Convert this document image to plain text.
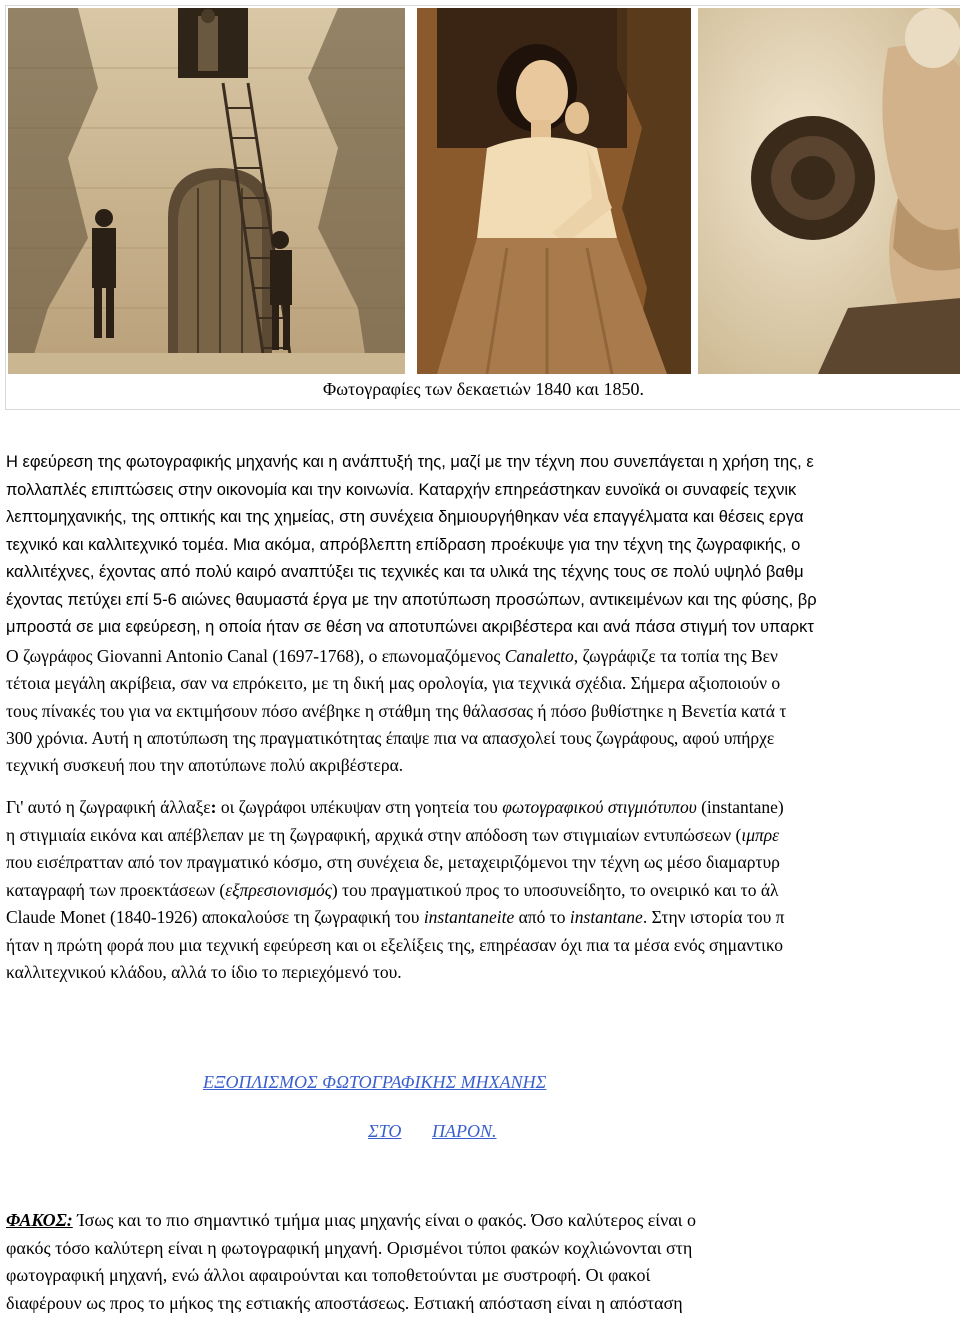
Φωτογραφίες των δεκαετιών 1840 και 1850.

Η εφεύρεση της φωτογραφικής μηχανής και η ανάπτυξή της, μαζί με την τέχνη που συνεπάγεται η χρήση της, ε
πολλαπλές επιπτώσεις στην οικονομία και την κοινωνία. Καταρχήν επηρεάστηκαν ευνοϊκά οι συναφείς τεχνικ
λεπτομηχανικής, της οπτικής και της χημείας, στη συνέχεια δημιουργήθηκαν νέα επαγγέλματα και θέσεις εργα
τεχνικό και καλλιτεχνικό τομέα. Μια ακόμα, απρόβλεπτη επίδραση προέκυψε για την τέχνη της ζωγραφικής, ο
καλλιτέχνες, έχοντας από πολύ καιρό αναπτύξει τις τεχνικές και τα υλικά της τέχνης τους σε πολύ υψηλό βαθμ
έχοντας πετύχει επί 5-6 αιώνες θαυμαστά έργα με την αποτύπωση προσώπων, αντικειμένων και της φύσης, βρ
μπροστά σε μια εφεύρεση, η οποία ήταν σε θέση να αποτυπώνει ακριβέστερα και ανά πάσα στιγμή τον υπαρκτ

Ο ζωγράφος Giovanni Antonio Canal (1697-1768), ο επωνομαζόμενος Canaletto, ζωγράφιζε τα τοπία της Βεν
τέτοια μεγάλη ακρίβεια, σαν να επρόκειτο, με τη δική μας ορολογία, για τεχνικά σχέδια. Σήμερα αξιοποιούν ο
τους πίνακές του για να εκτιμήσουν πόσο ανέβηκε η στάθμη της θάλασσας ή πόσο βυθίστηκε η Βενετία κατά τ
300 χρόνια. Αυτή η αποτύπωση της πραγματικότητας έπαψε πια να απασχολεί τους ζωγράφους, αφού υπήρχε
τεχνική συσκευή που την αποτύπωνε πολύ ακριβέστερα.

Γι' αυτό η ζωγραφική άλλαξε: οι ζωγράφοι υπέκυψαν στη γοητεία του φωτογραφικού στιγμιότυπου (instantane)
η στιγμιαία εικόνα και απέβλεπαν με τη ζωγραφική, αρχικά στην απόδοση των στιγμιαίων εντυπώσεων (ιμπρε
που εισέπρατταν από τον πραγματικό κόσμο, στη συνέχεια δε, μεταχειριζόμενοι την τέχνη ως μέσο διαμαρτυρ
καταγραφή των προεκτάσεων (εξπρεσιονισμός) του πραγματικού προς το υποσυνείδητο, το ονειρικό και το άλ
Claude Monet (1840-1926) αποκαλούσε τη ζωγραφική του instantaneite από το instantane. Στην ιστορία του π
ήταν η πρώτη φορά που μια τεχνική εφεύρεση και οι εξελίξεις της, επηρέασαν όχι πια τα μέσα ενός σημαντικο
καλλιτεχνικού κλάδου, αλλά το ίδιο το περιεχόμενό του.

ΕΞΟΠΛΙΣΜΟΣ ΦΩΤΟΓΡΑΦΙΚΗΣ ΜΗΧΑΝΗΣ
ΣΤΟ ΠΑΡΟΝ.

ΦΑΚΟΣ: Ίσως και το πιο σημαντικό τμήμα μιας μηχανής είναι ο φακός. Όσο καλύτερος είναι ο
φακός τόσο καλύτερη είναι η φωτογραφική μηχανή. Ορισμένοι τύποι φακών κοχλιώνονται στη
φωτογραφική μηχανή, ενώ άλλοι αφαιρούνται και τοποθετούνται με συστροφή. Οι φακοί
διαφέρουν ως προς το μήκος της εστιακής αποστάσεως. Εστιακή απόσταση είναι η απόσταση
